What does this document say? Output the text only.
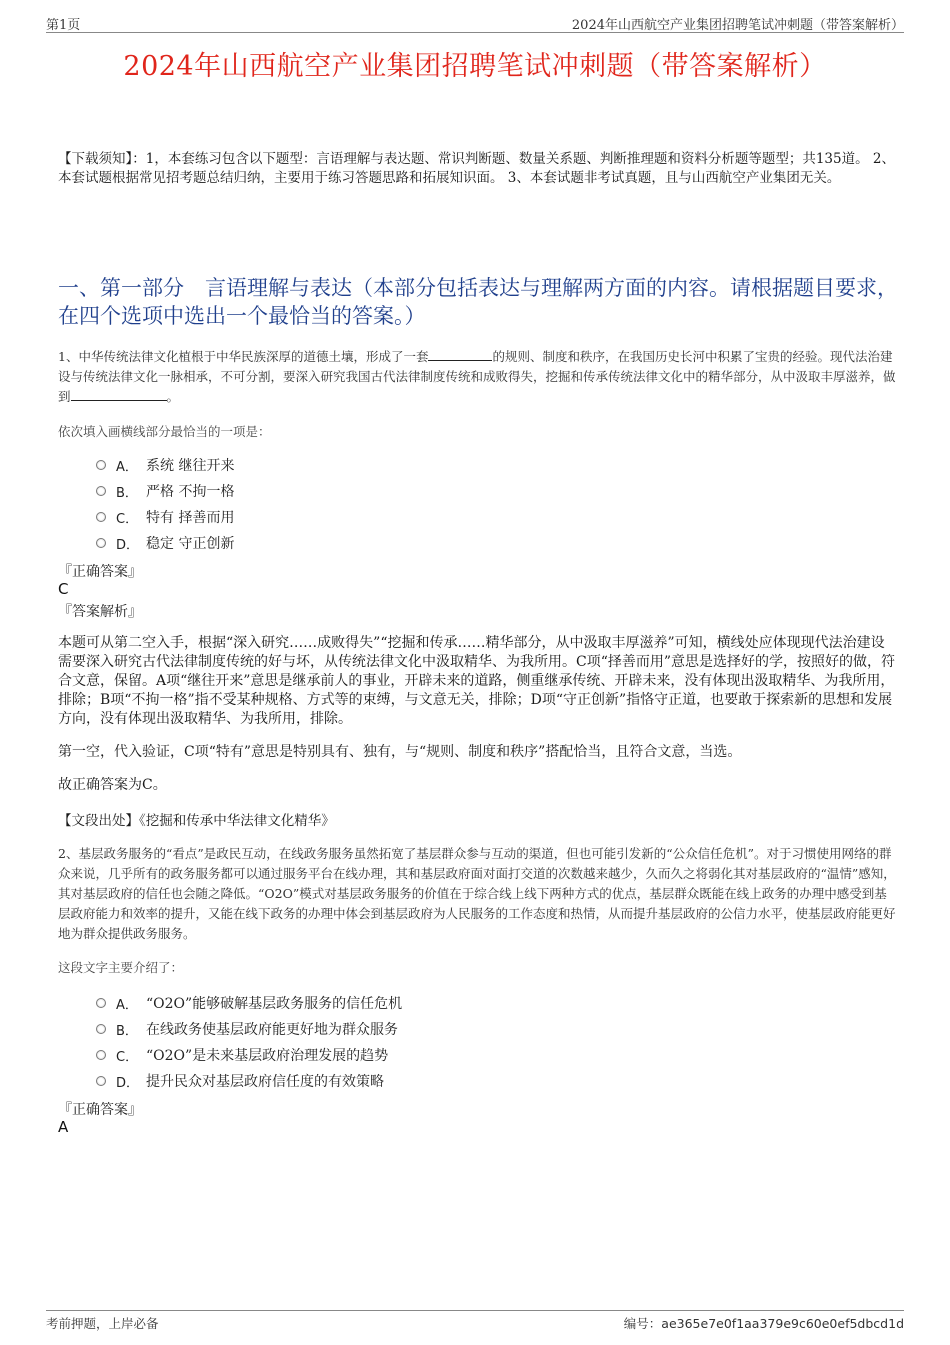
第1页	2024年山西航空产业集团招聘笔试冲刺题（带答案解析）
2024年山西航空产业集团招聘笔试冲刺题（带答案解析）
【下载须知】：1，本套练习包含以下题型：言语理解与表达题、常识判断题、数量关系题、判断推理题和资料分析题等题型；共135道。 2、本套试题根据常见招考题总结归纳，主要用于练习答题思路和拓展知识面。 3、本套试题非考试真题，且与山西航空产业集团无关。
一、第一部分　言语理解与表达（本部分包括表达与理解两方面的内容。请根据题目要求，在四个选项中选出一个最恰当的答案。）
1、中华传统法律文化植根于中华民族深厚的道德土壤，形成了一套	的规则、制度和秩序，在我国历史长河中积累了宝贵的经验。现代法治建设与传统法律文化一脉相承，不可分割，要深入研究我国古代法律制度传统和成败得失，挖掘和传承传统法律文化中的精华部分，从中汲取丰厚滋养，做到	。
依次填入画横线部分最恰当的一项是：
A． 系统 继往开来
B． 严格 不拘一格
C． 特有 择善而用
D． 稳定 守正创新
『正确答案』
C
『答案解析』
本题可从第二空入手，根据“深入研究……成败得失”“挖掘和传承……精华部分，从中汲取丰厚滋养”可知，横线处应体现现代法治建设需要深入研究古代法律制度传统的好与坏，从传统法律文化中汲取精华、为我所用。C项“择善而用”意思是选择好的学，按照好的做，符合文意，保留。A项“继往开来”意思是继承前人的事业，开辟未来的道路，侧重继承传统、开辟未来，没有体现出汲取精华、为我所用，排除；B项“不拘一格”指不受某种规格、方式等的束缚，与文意无关，排除；D项“守正创新”指恪守正道，也要敢于探索新的思想和发展方向，没有体现出汲取精华、为我所用，排除。
第一空，代入验证，C项“特有”意思是特别具有、独有，与“规则、制度和秩序”搭配恰当，且符合文意，当选。
故正确答案为C。
【文段出处】《挖掘和传承中华法律文化精华》
2、基层政务服务的“看点”是政民互动，在线政务服务虽然拓宽了基层群众参与互动的渠道，但也可能引发新的“公众信任危机”。对于习惯使用网络的群众来说，几乎所有的政务服务都可以通过服务平台在线办理，其和基层政府面对面打交道的次数越来越少，久而久之将弱化其对基层政府的“温情”感知，其对基层政府的信任也会随之降低。“O2O”模式对基层政务服务的价值在于综合线上线下两种方式的优点，基层群众既能在线上政务的办理中感受到基层政府能力和效率的提升，又能在线下政务的办理中体会到基层政府为人民服务的工作态度和热情，从而提升基层政府的公信力水平，使基层政府能更好地为群众提供政务服务。
这段文字主要介绍了：
A． “O2O”能够破解基层政务服务的信任危机
B． 在线政务使基层政府能更好地为群众服务
C． “O2O”是未来基层政府治理发展的趋势
D． 提升民众对基层政府信任度的有效策略
『正确答案』
A
考前押题，上岸必备	编号：ae365e7e0f1aa379e9c60e0ef5dbcd1d
